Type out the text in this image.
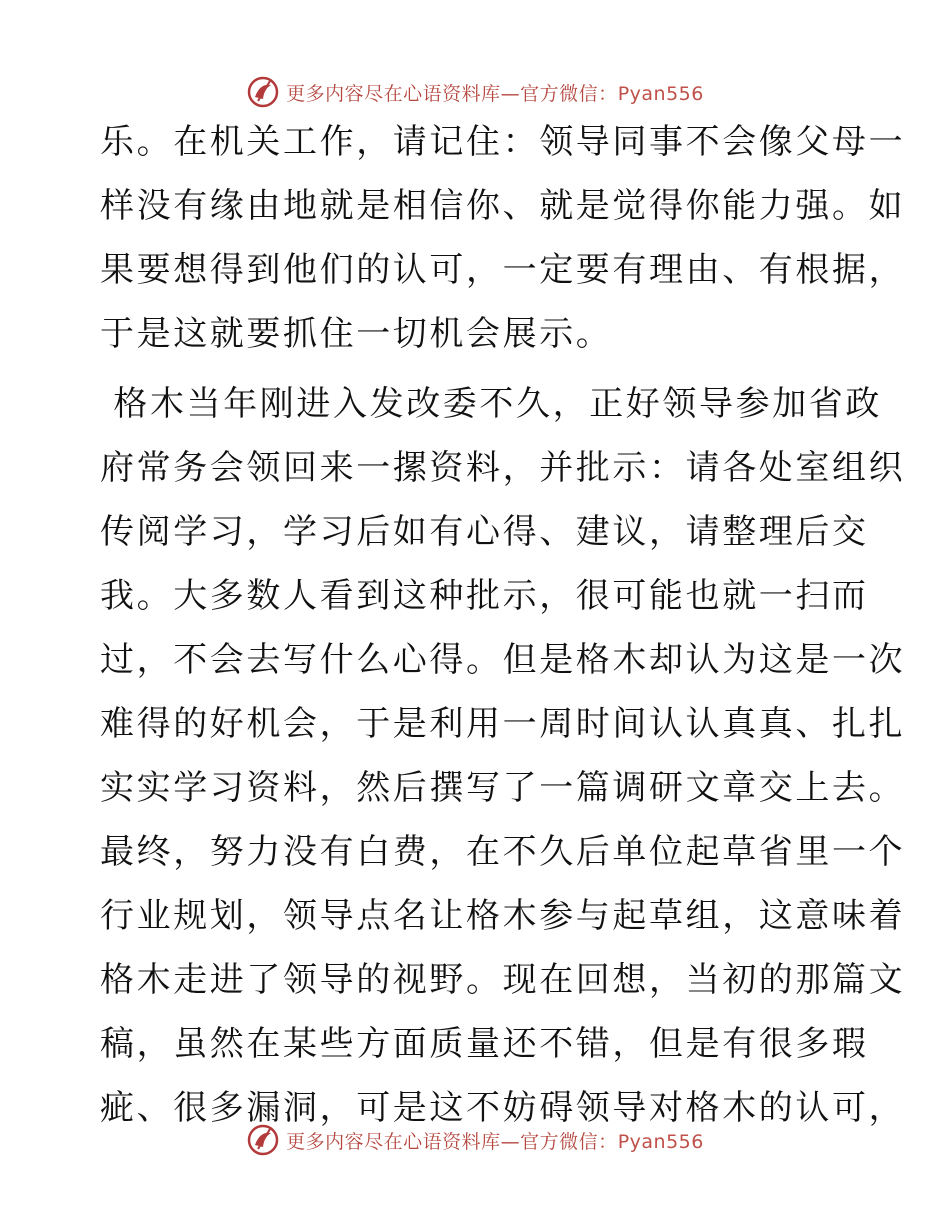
更多内容尽在心语资料库—官方微信：Pyan556
乐。在机关工作，请记住：领导同事不会像父母一
样没有缘由地就是相信你、就是觉得你能力强。如
果要想得到他们的认可，一定要有理由、有根据，
于是这就要抓住一切机会展示。
格木当年刚进入发改委不久，正好领导参加省政
府常务会领回来一摞资料，并批示：请各处室组织
传阅学习，学习后如有心得、建议，请整理后交
我。大多数人看到这种批示，很可能也就一扫而
过，不会去写什么心得。但是格木却认为这是一次
难得的好机会，于是利用一周时间认认真真、扎扎
实实学习资料，然后撰写了一篇调研文章交上去。
最终，努力没有白费，在不久后单位起草省里一个
行业规划，领导点名让格木参与起草组，这意味着
格木走进了领导的视野。现在回想，当初的那篇文
稿，虽然在某些方面质量还不错，但是有很多瑕
疵、很多漏洞，可是这不妨碍领导对格木的认可，
更多内容尽在心语资料库—官方微信：Pyan556
